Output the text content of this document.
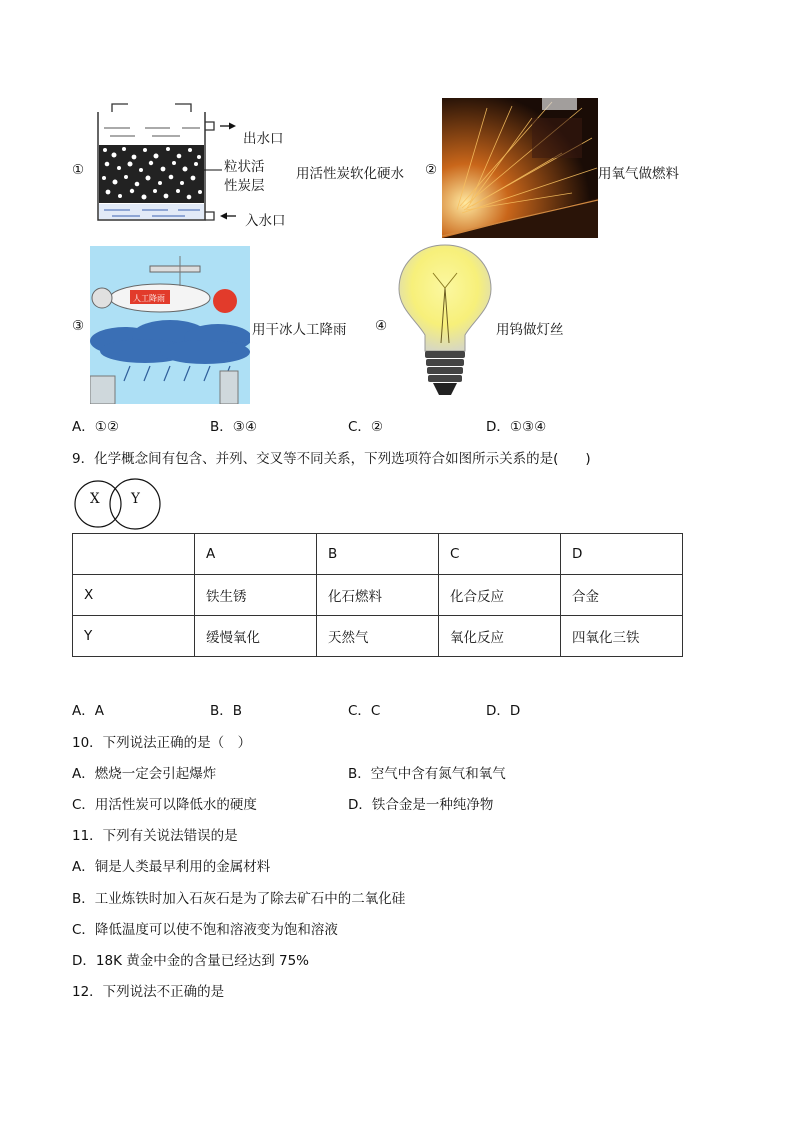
①
出水口
粒状活
性炭层
入水口
用活性炭软化硬水 ②	用氧气做燃料
③
人工降雨
用干冰人工降雨 ④	用钨做灯丝
A．①②	B．③④	C．②	D．①③④
9．化学概念间有包含、并列、交叉等不同关系，下列选项符合如图所示关系的是(　　)
X Y
	A	B	C	D
X	铁生锈	化石燃料	化合反应	合金
Y	缓慢氧化	天然气	氧化反应	四氧化三铁
A．A	B．B	C．C	D．D
10．下列说法正确的是（　）
A．燃烧一定会引起爆炸	B．空气中含有氮气和氧气
C．用活性炭可以降低水的硬度	D．铁合金是一种纯净物
11．下列有关说法错误的是
A．铜是人类最早利用的金属材料
B．工业炼铁时加入石灰石是为了除去矿石中的二氧化硅
C．降低温度可以使不饱和溶液变为饱和溶液
D．18K 黄金中金的含量已经达到 75%
12．下列说法不正确的是
